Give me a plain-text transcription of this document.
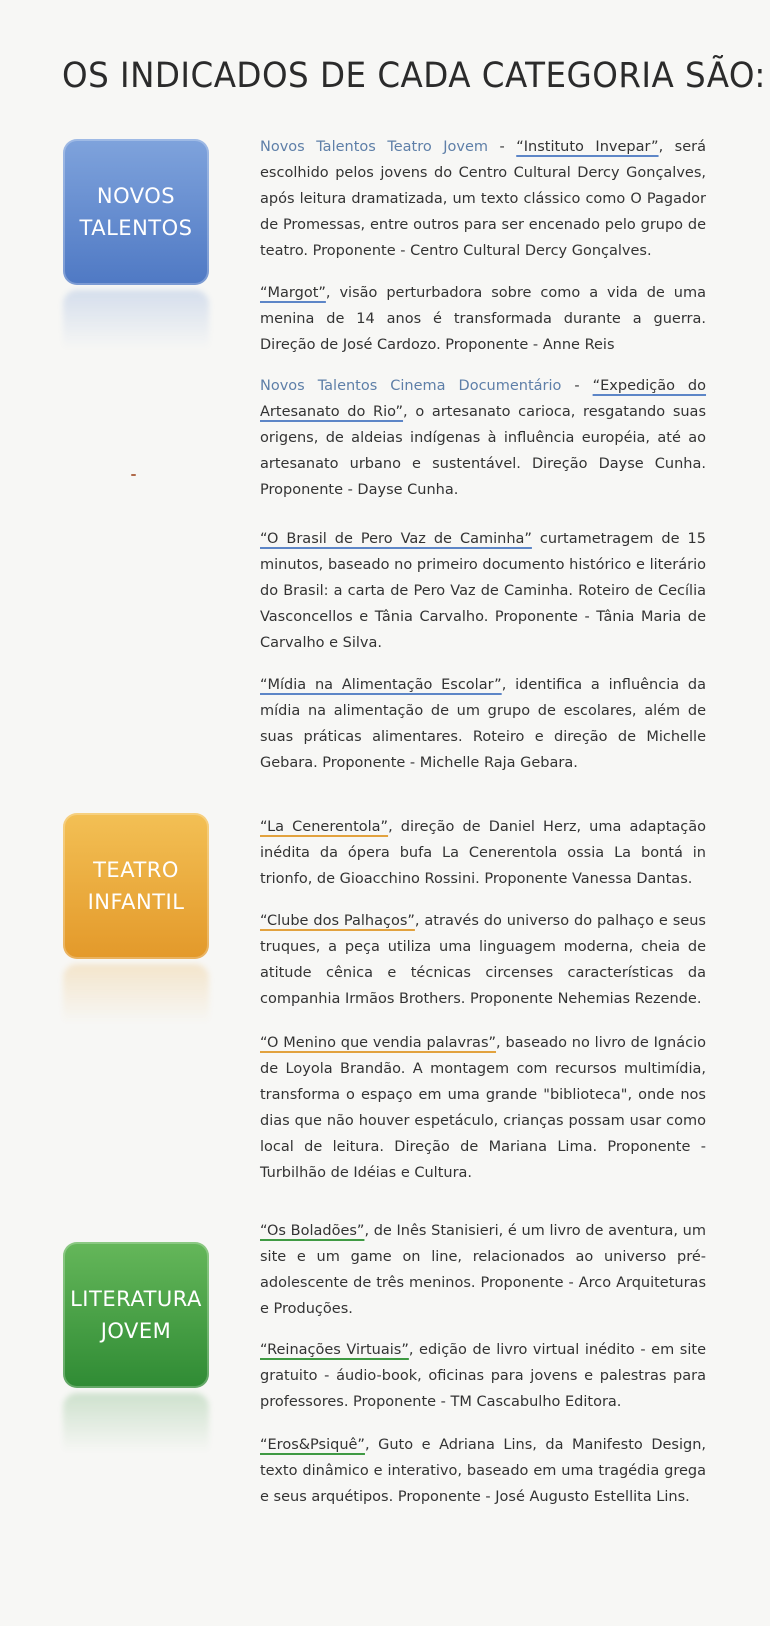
OS INDICADOS DE CADA CATEGORIA SÃO:
NOVOS
TALENTOS

Novos Talentos Teatro Jovem - “Instituto Invepar”, será escolhido pelos jovens do Centro Cultural Dercy Gonçalves, após leitura dramatizada, um texto clássico como O Pagador de Promessas, entre outros para ser encenado pelo grupo de teatro. Proponente - Centro Cultural Dercy Gonçalves.

“Margot”, visão perturbadora sobre como a vida de uma menina de 14 anos é transformada durante a guerra. Direção de José Cardozo. Proponente - Anne Reis

Novos Talentos Cinema Documentário - “Expedição do Artesanato do Rio”, o artesanato carioca, resgatando suas origens, de aldeias indígenas à influência européia, até ao artesanato urbano e sustentável. Direção Dayse Cunha. Proponente - Dayse Cunha.

“O Brasil de Pero Vaz de Caminha” curtametragem de 15 minutos, baseado no primeiro documento histórico e literário do Brasil: a carta de Pero Vaz de Caminha. Roteiro de Cecília Vasconcellos e Tânia Carvalho. Proponente - Tânia Maria de Carvalho e Silva.

“Mídia na Alimentação Escolar”, identifica a influência da mídia na alimentação de um grupo de escolares, além de suas práticas alimentares. Roteiro e direção de Michelle Gebara. Proponente - Michelle Raja Gebara.

TEATRO
INFANTIL

“La Cenerentola”, direção de Daniel Herz, uma adaptação inédita da ópera bufa La Cenerentola ossia La bontá in trionfo, de Gioacchino Rossini. Proponente Vanessa Dantas.

“Clube dos Palhaços”, através do universo do palhaço e seus truques, a peça utiliza uma linguagem moderna, cheia de atitude cênica e técnicas circenses características da companhia Irmãos Brothers. Proponente Nehemias Rezende.

“O Menino que vendia palavras”, baseado no livro de Ignácio de Loyola Brandão. A montagem com recursos multimídia, transforma o espaço em uma grande "biblioteca", onde nos dias que não houver espetáculo, crianças possam usar como local de leitura. Direção de Mariana Lima. Proponente - Turbilhão de Idéias e Cultura.

LITERATURA
JOVEM

“Os Boladões”, de Inês Stanisieri, é um livro de aventura, um site e um game on line, relacionados ao universo pré-adolescente de três meninos. Proponente - Arco Arquiteturas e Produções.

“Reinações Virtuais”, edição de livro virtual inédito - em site gratuito - áudio-book, oficinas para jovens e palestras para professores. Proponente - TM Cascabulho Editora.

“Eros&Psiquê”, Guto e Adriana Lins, da Manifesto Design, texto dinâmico e interativo, baseado em uma tragédia grega e seus arquétipos. Proponente - José Augusto Estellita Lins.
